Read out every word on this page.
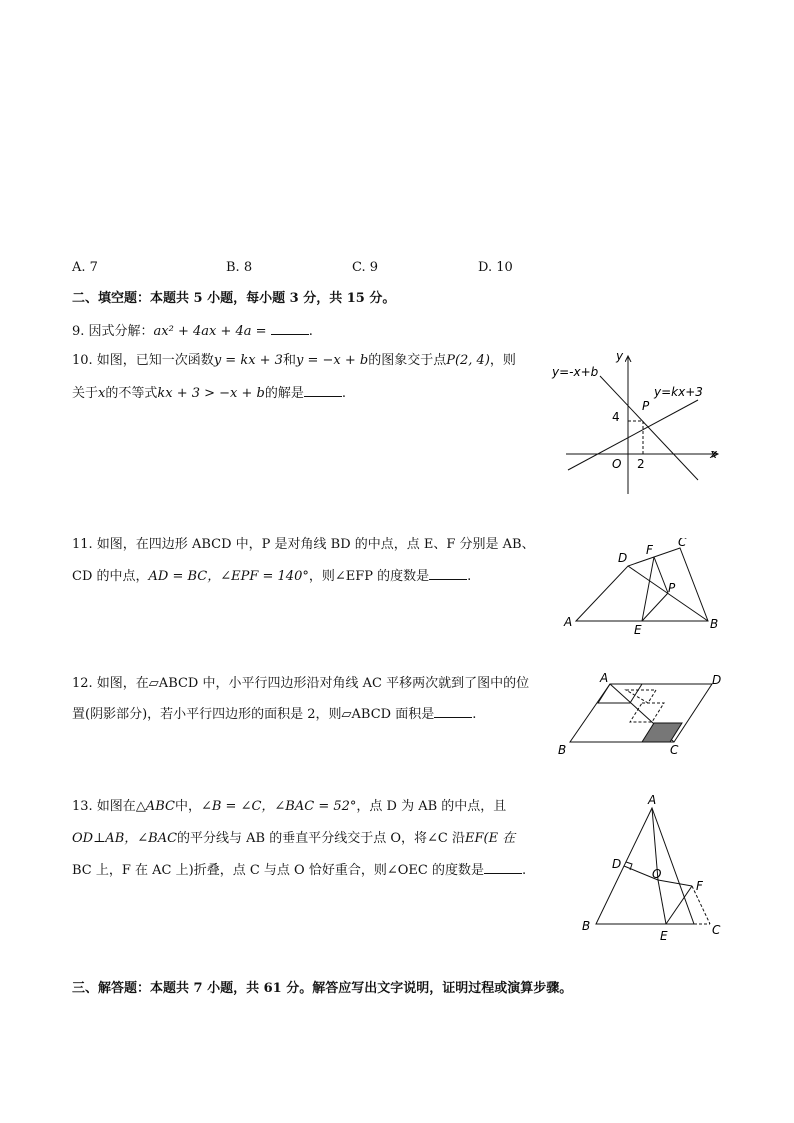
A. 7	B. 8	C. 9	D. 10
二、填空题：本题共 5 小题，每小题 3 分，共 15 分。
9. 因式分解：ax² + 4ax + 4a =	.
10. 如图，已知一次函数y = kx + 3和y = −x + b的图象交于点P(2, 4)，则
关于x的不等式kx + 3 > −x + b的解是	.
y=-x+b
y=kx+3
y
x
P
O
4
2
11. 如图，在四边形 ABCD 中，P 是对角线 BD 的中点，点 E、F 分别是 AB、
CD 的中点，AD = BC，∠EPF = 140°，则∠EFP 的度数是	.
A	B
C
D
E
F
P
12. 如图，在▱ABCD 中，小平行四边形沿对角线 AC 平移两次就到了图中的位
置(阴影部分)，若小平行四边形的面积是 2，则▱ABCD 面积是	.
A
B	C
D
13. 如图在△ABC中，∠B = ∠C，∠BAC = 52°，点 D 为 AB 的中点，且
OD⊥AB，∠BAC的平分线与 AB 的垂直平分线交于点 O，将∠C 沿EF(E 在
BC 上，F 在 AC 上)折叠，点 C 与点 O 恰好重合，则∠OEC 的度数是	.
A
B	C
D
E
F
O
三、解答题：本题共 7 小题，共 61 分。解答应写出文字说明，证明过程或演算步骤。
